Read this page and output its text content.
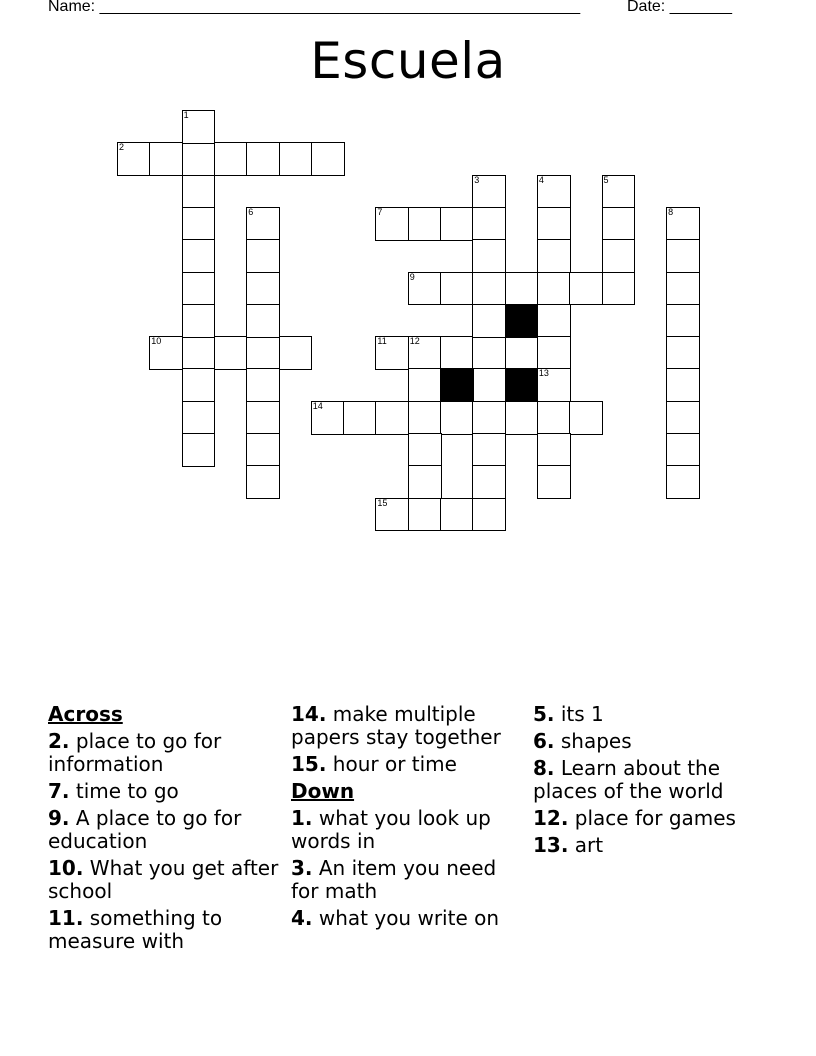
Name: ______________________________________________________	Date: _______
Escuela
2
7
9
10	11	12
14
15
1
3	4
13
5
6	8
Across
2. place to go for information
7. time to go
9. A place to go for education
10. What you get after school
11. something to measure with
14. make multiple papers stay together
15. hour or time
Down
1. what you look up words in
3. An item you need for math
4. what you write on
5. its 1
6. shapes
8. Learn about the places of the world
12. place for games
13. art
